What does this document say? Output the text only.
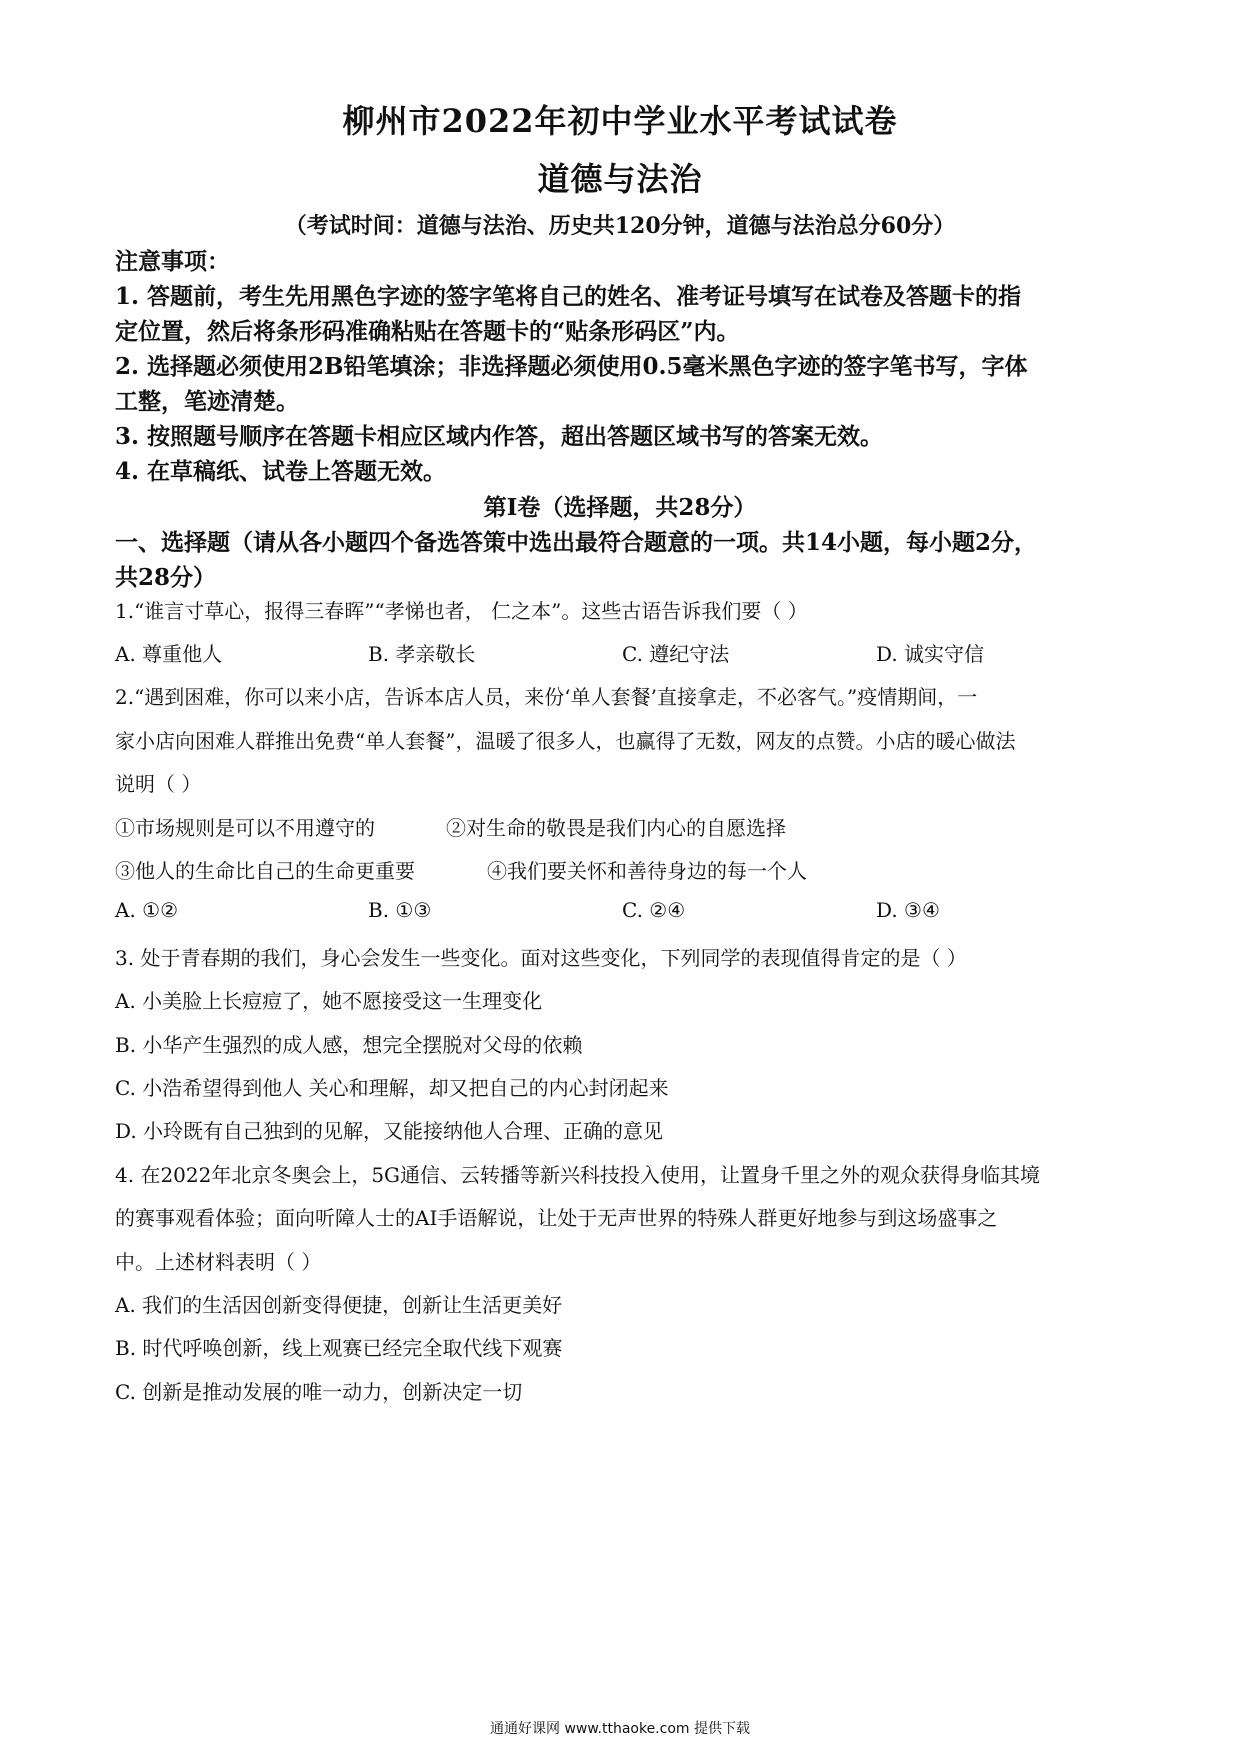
柳州市2022年初中学业水平考试试卷
道德与法治
（考试时间：道德与法治、历史共120分钟，道德与法治总分60分）
注意事项：
1. 答题前，考生先用黑色字迹的签字笔将自己的姓名、准考证号填写在试卷及答题卡的指
定位置，然后将条形码准确粘贴在答题卡的“贴条形码区”内。
2. 选择题必须使用2B铅笔填涂；非选择题必须使用0.5毫米黑色字迹的签字笔书写，字体
工整，笔迹清楚。
3. 按照题号顺序在答题卡相应区域内作答，超出答题区域书写的答案无效。
4. 在草稿纸、试卷上答题无效。
第Ⅰ卷（选择题，共28分）
一、选择题（请从各小题四个备选答策中选出最符合题意的一项。共14小题，每小题2分，
共28分）
1.“谁言寸草心，报得三春晖”“孝悌也者， 仁之本”。这些古语告诉我们要（ ）
A. 尊重他人	B. 孝亲敬长	C. 遵纪守法	D. 诚实守信
2.“遇到困难，你可以来小店，告诉本店人员，来份‘单人套餐’直接拿走，不必客气。”疫情期间，一
家小店向困难人群推出免费“单人套餐”，温暖了很多人，也赢得了无数，网友的点赞。小店的暖心做法
说明（ ）
①市场规则是可以不用遵守的	②对生命的敬畏是我们内心的自愿选择
③他人的生命比自己的生命更重要	④我们要关怀和善待身边的每一个人
A. ①②	B. ①③	C. ②④	D. ③④
3. 处于青春期的我们，身心会发生一些变化。面对这些变化，下列同学的表现值得肯定的是（ ）
A. 小美脸上长痘痘了，她不愿接受这一生理变化
B. 小华产生强烈的成人感，想完全摆脱对父母的依赖
C. 小浩希望得到他人 关心和理解，却又把自己的内心封闭起来
D. 小玲既有自己独到的见解，又能接纳他人合理、正确的意见
4. 在2022年北京冬奥会上，5G通信、云转播等新兴科技投入使用，让置身千里之外的观众获得身临其境
的赛事观看体验；面向听障人士的AI手语解说，让处于无声世界的特殊人群更好地参与到这场盛事之
中。上述材料表明（ ）
A. 我们的生活因创新变得便捷，创新让生活更美好
B. 时代呼唤创新，线上观赛已经完全取代线下观赛
C. 创新是推动发展的唯一动力，创新决定一切
通通好课网 www.tthaoke.com 提供下载
